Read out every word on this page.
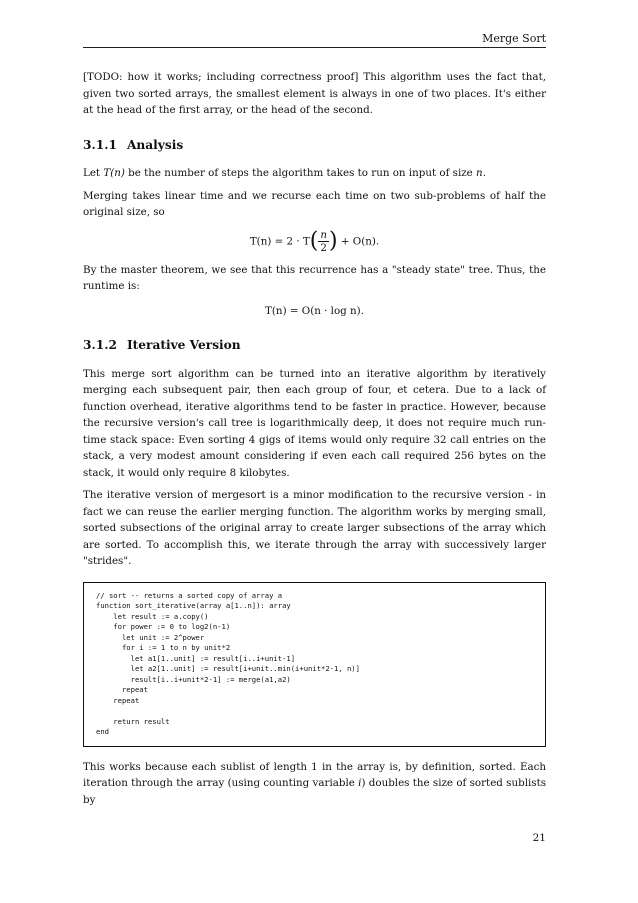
Merge Sort

[TODO: how it works; including correctness proof] This algorithm uses the fact that, given two sorted arrays, the smallest element is always in one of two places. It's either at the head of the first array, or the head of the second.

3.1.1 Analysis

Let T(n) be the number of steps the algorithm takes to run on input of size n.

Merging takes linear time and we recurse each time on two sub-problems of half the original size, so

$T(n) = 2 \cdot T( \frac{n}{2}$ ) + O(n).

By the master theorem, we see that this recurrence has a "steady state" tree. Thus, the runtime is:

T(n) = O(n · log n).
3.1.2 Iterative Version

This merge sort algorithm can be turned into an iterative algorithm by iteratively merging each subsequent pair, then each group of four, et cetera. Due to a lack of function overhead, iterative algorithms tend to be faster in practice. However, because the recursive version's call tree is logarithmically deep, it does not require much run-time stack space: Even sorting 4 gigs of items would only require 32 call entries on the stack, a very modest amount considering if even each call required 256 bytes on the stack, it would only require 8 kilobytes.

The iterative version of mergesort is a minor modification to the recursive version - in fact we can reuse the earlier merging function. The algorithm works by merging small, sorted subsections of the original array to create larger subsections of the array which are sorted. To accomplish this, we iterate through the array with successively larger "strides".

// sort -- returns a sorted copy of array a
function sort_iterative(array a[1..n]): array
let result := a.copy()
for power := 0 to log2(n-1)
let unit := 2^power
for i := 1 to n by unit*2
let a1[1..unit] := result[i..i+unit-1]
let a2[1..unit] := result[i+unit..min(i+unit*2-1, n)]
result[i..i+unit*2-1] := merge(a1,a2)
repeat
repeat

return result
end

This works because each sublist of length 1 in the array is, by definition, sorted. Each iteration through the array (using counting variable i) doubles the size of sorted sublists by

21
